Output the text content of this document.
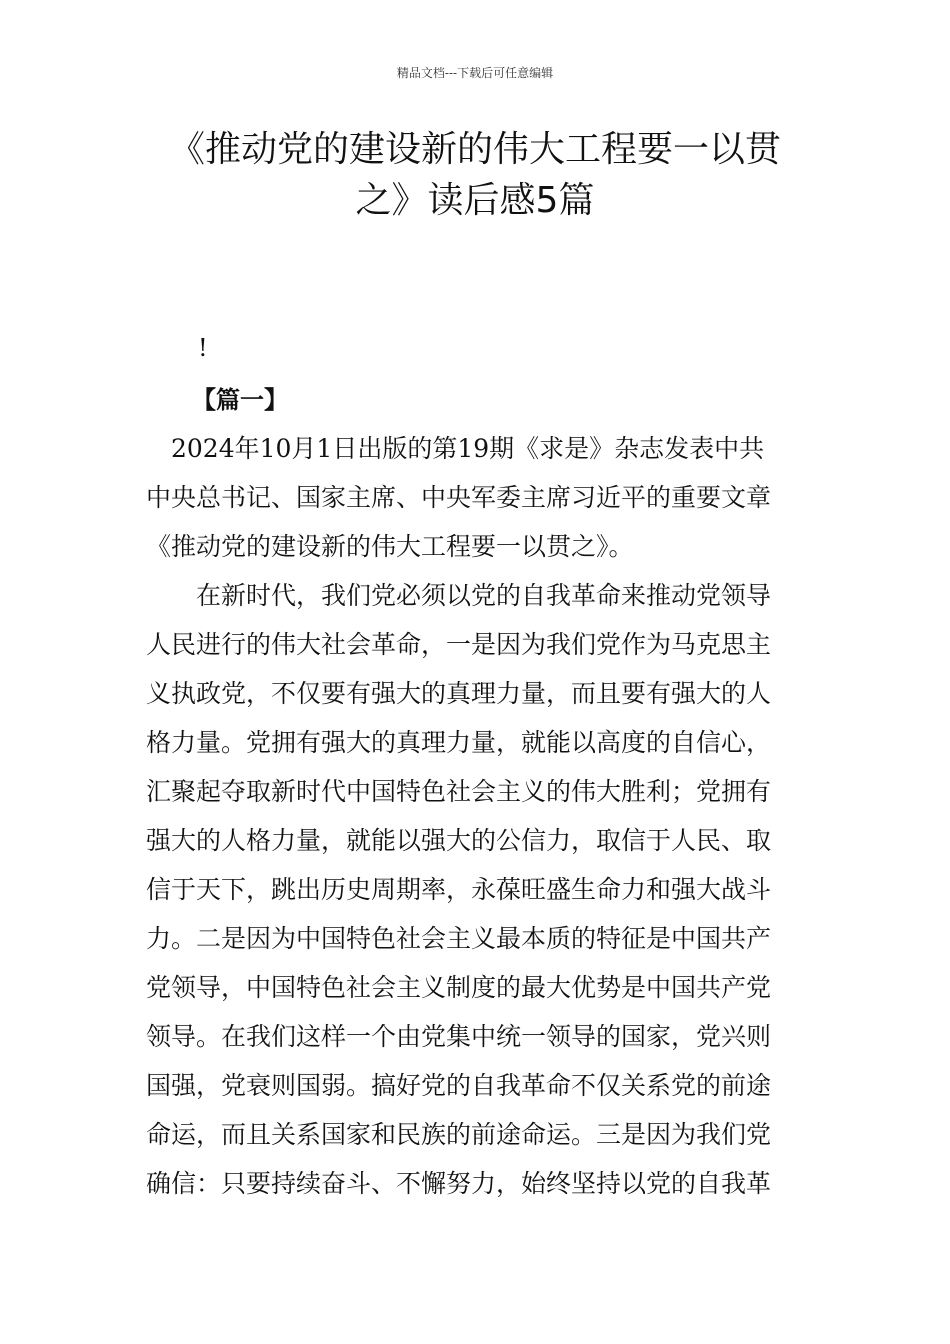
精品文档---下载后可任意编辑
《推动党的建设新的伟大工程要一以贯
之》读后感5篇
!
【篇一】
　2024年10月1日出版的第19期《求是》杂志发表中共
中央总书记、国家主席、中央军委主席习近平的重要文章
《推动党的建设新的伟大工程要一以贯之》。
　　在新时代，我们党必须以党的自我革命来推动党领导
人民进行的伟大社会革命，一是因为我们党作为马克思主
义执政党，不仅要有强大的真理力量，而且要有强大的人
格力量。党拥有强大的真理力量，就能以高度的自信心，
汇聚起夺取新时代中国特色社会主义的伟大胜利；党拥有
强大的人格力量，就能以强大的公信力，取信于人民、取
信于天下，跳出历史周期率，永葆旺盛生命力和强大战斗
力。二是因为中国特色社会主义最本质的特征是中国共产
党领导，中国特色社会主义制度的最大优势是中国共产党
领导。在我们这样一个由党集中统一领导的国家，党兴则
国强，党衰则国弱。搞好党的自我革命不仅关系党的前途
命运，而且关系国家和民族的前途命运。三是因为我们党
确信：只要持续奋斗、不懈努力，始终坚持以党的自我革
